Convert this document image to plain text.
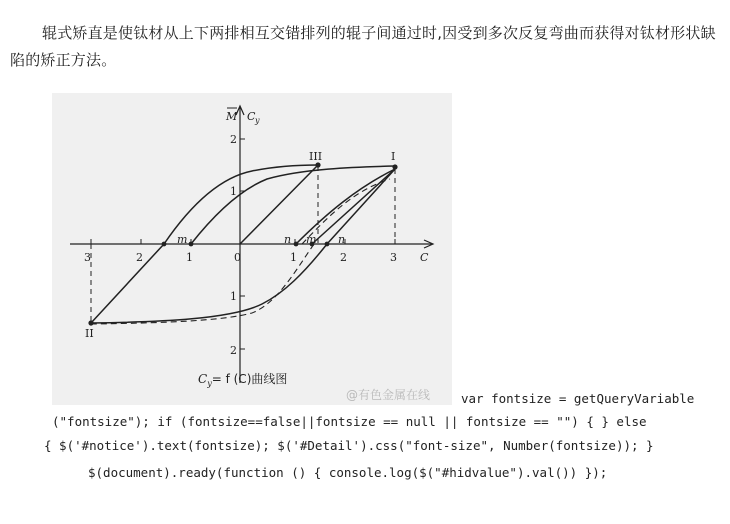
辊式矫直是使钛材从上下两排相互交错排列的辊子间通过时,因受到多次反复弯曲而获得对钛材形状缺陷的矫正方法。

3	2	1	0	1	2	3 C
2
1
1
2
M C y
I
II
III
m	n m n
$C_y= f$ (C)曲线图
@有色金属在线 var fontsize = getQueryVariable
("fontsize"); if (fontsize==false||fontsize == null || fontsize == "") { } else
{ $('#notice').text(fontsize); $('#Detail').css("font-size", Number(fontsize)); }
$(document).ready(function () { console.log($("#hidvalue").val()) });
